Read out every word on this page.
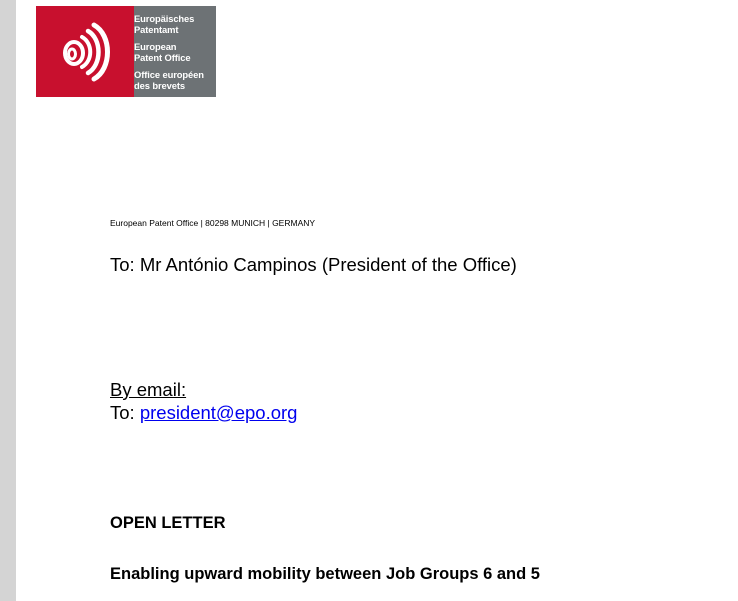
Europäisches
Patentamt
European
Patent Office
Office européen
des brevets
European Patent Office | 80298 MUNICH | GERMANY
To: Mr António Campinos (President of the Office)
By email:
To: president@epo.org
OPEN LETTER
Enabling upward mobility between Job Groups 6 and 5
